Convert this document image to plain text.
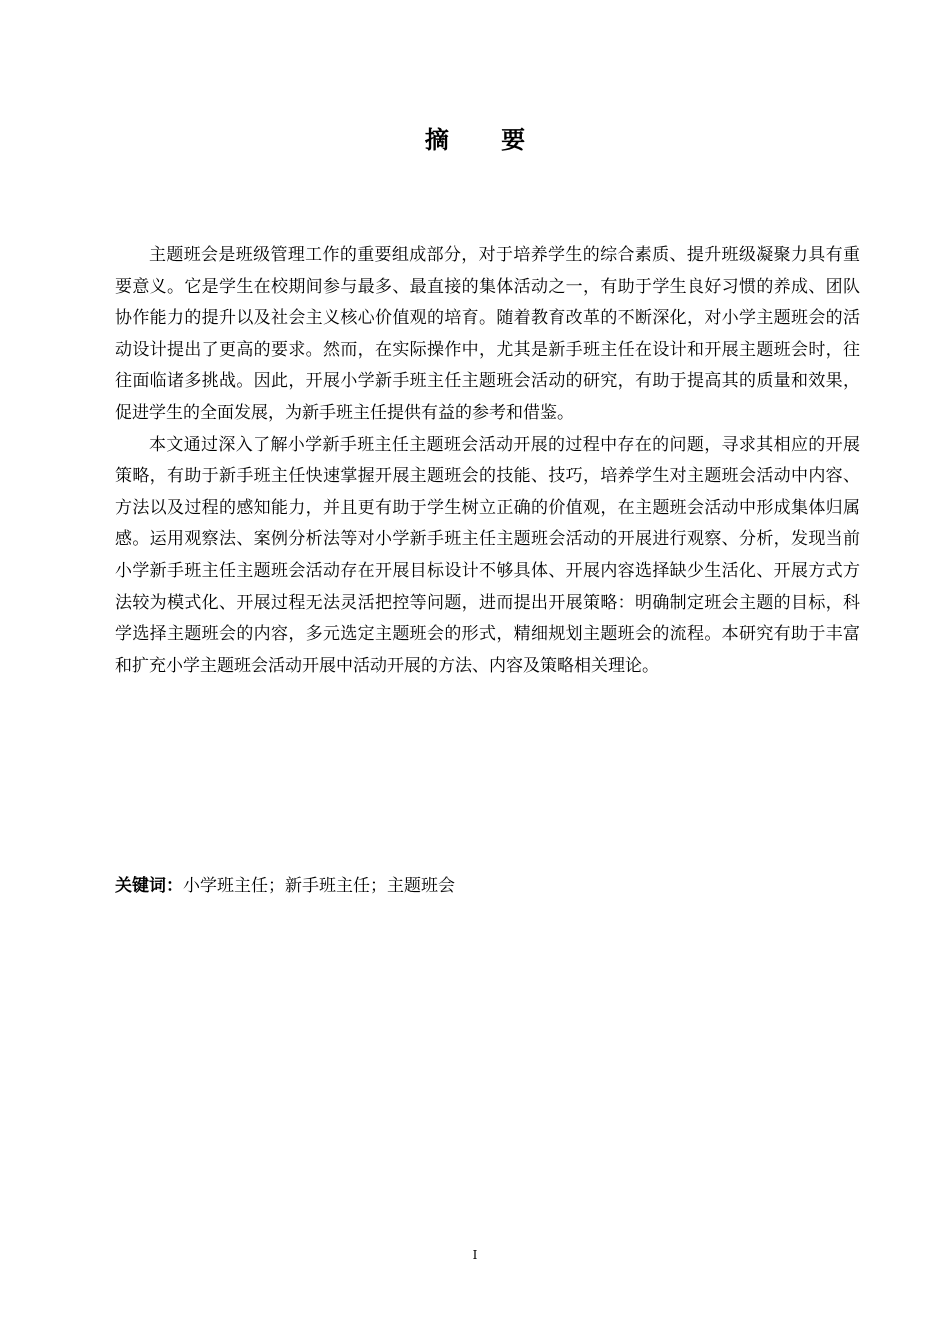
摘 要

主题班会是班级管理工作的重要组成部分，对于培养学生的综合素质、提升班级凝聚力具有重要意义。它是学生在校期间参与最多、最直接的集体活动之一，有助于学生良好习惯的养成、团队协作能力的提升以及社会主义核心价值观的培育。随着教育改革的不断深化，对小学主题班会的活动设计提出了更高的要求。然而，在实际操作中，尤其是新手班主任在设计和开展主题班会时，往往面临诸多挑战。因此，开展小学新手班主任主题班会活动的研究，有助于提高其的质量和效果，促进学生的全面发展，为新手班主任提供有益的参考和借鉴。

本文通过深入了解小学新手班主任主题班会活动开展的过程中存在的问题，寻求其相应的开展策略，有助于新手班主任快速掌握开展主题班会的技能、技巧，培养学生对主题班会活动中内容、方法以及过程的感知能力，并且更有助于学生树立正确的价值观，在主题班会活动中形成集体归属感。运用观察法、案例分析法等对小学新手班主任主题班会活动的开展进行观察、分析，发现当前小学新手班主任主题班会活动存在开展目标设计不够具体、开展内容选择缺少生活化、开展方式方法较为模式化、开展过程无法灵活把控等问题，进而提出开展策略：明确制定班会主题的目标，科学选择主题班会的内容，多元选定主题班会的形式，精细规划主题班会的流程。本研究有助于丰富和扩充小学主题班会活动开展中活动开展的方法、内容及策略相关理论。

关键词：小学班主任；新手班主任；主题班会
I
